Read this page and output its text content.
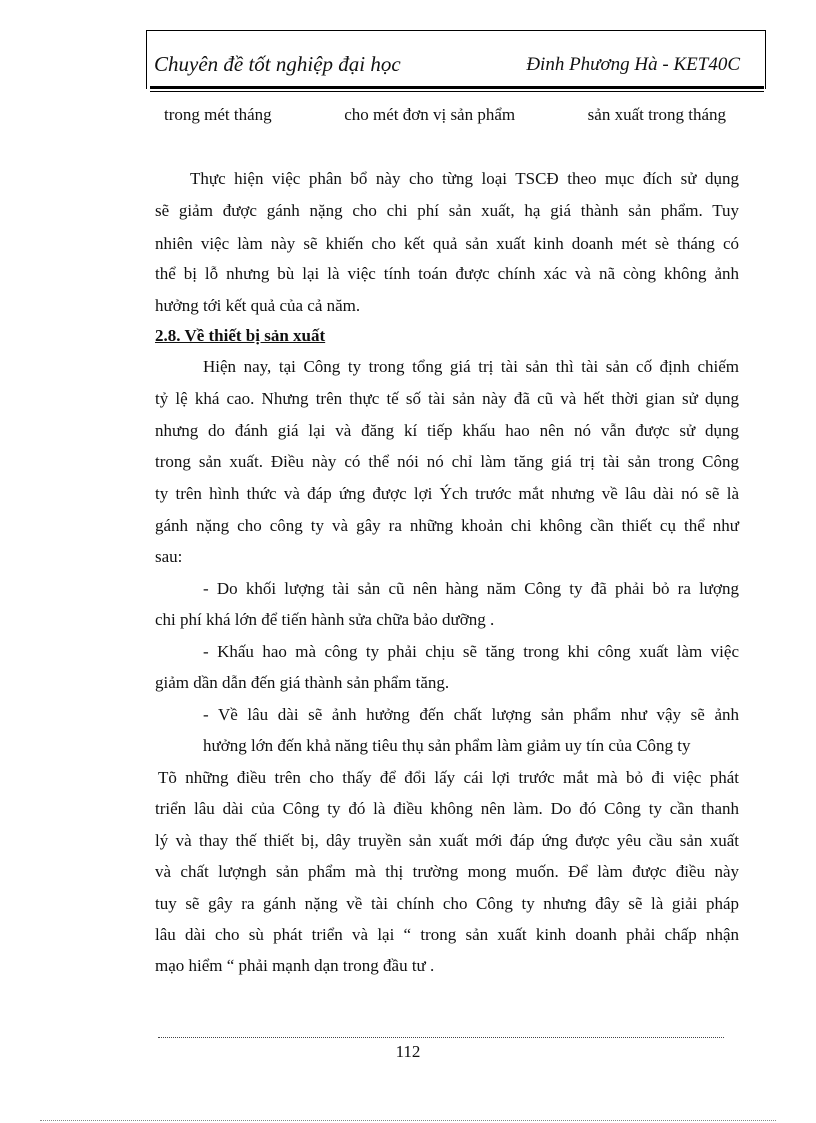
Chuyên đề tốt nghiệp đại học	Đinh Phương Hà - KET40C
trong mét tháng	cho mét đơn vị sản phẩm	sản xuất trong tháng
Thực hiện việc phân bổ này cho từng loại TSCĐ theo mục đích sử dụng
sẽ giảm được gánh nặng cho chi phí sản xuất, hạ giá thành sản phẩm. Tuy
nhiên việc làm này sẽ khiến cho kết quả sản xuất kinh doanh mét sè tháng có
thể bị lỗ nhưng bù lại là việc tính toán được chính xác và nã còng không ảnh
hưởng tới kết quả của cả năm.
2.8. Về thiết bị sản xuất
Hiện nay, tại Công ty trong tổng giá trị tài sản thì tài sản cố định chiếm
tỷ lệ khá cao. Nhưng trên thực tế số tài sản này đã cũ và hết thời gian sử dụng
nhưng do đánh giá lại và đăng kí tiếp khấu hao nên nó vẫn được sử dụng
trong sản xuất. Điều này có thể nói nó chỉ làm tăng giá trị tài sản trong Công
ty trên hình thức và đáp ứng được lợi Ých trước mắt nhưng về lâu dài nó sẽ là
gánh nặng cho công ty và gây ra những khoản chi không cần thiết cụ thể như
sau:
- Do khối lượng tài sản cũ nên hàng năm Công ty đã phải bỏ ra lượng
chi phí khá lớn để tiến hành sửa chữa bảo dưỡng .
- Khấu hao mà công ty phải chịu sẽ tăng trong khi công xuất làm việc
giảm dần dẫn đến giá thành sản phẩm tăng.
- Về lâu dài sẽ ảnh hưởng đến chất lượng sản phẩm như vậy sẽ ảnh
hưởng lớn đến khả năng tiêu thụ sản phẩm làm giảm uy tín của Công ty
Tõ những điều trên cho thấy để đổi lấy cái lợi trước mắt mà bỏ đi việc phát
triển lâu dài của Công ty đó là điều không nên làm. Do đó Công ty cần thanh
lý và thay thế thiết bị, dây truyền sản xuất mới đáp ứng được yêu cầu sản xuất
và chất lượngh sản phẩm mà thị trường mong muốn. Để làm được điều này
tuy sẽ gây ra gánh nặng về tài chính cho Công ty nhưng đây sẽ là giải pháp
lâu dài cho sù phát triển và lại “ trong sản xuất kinh doanh phải chấp nhận
mạo hiểm “ phải mạnh dạn trong đầu tư .
112
